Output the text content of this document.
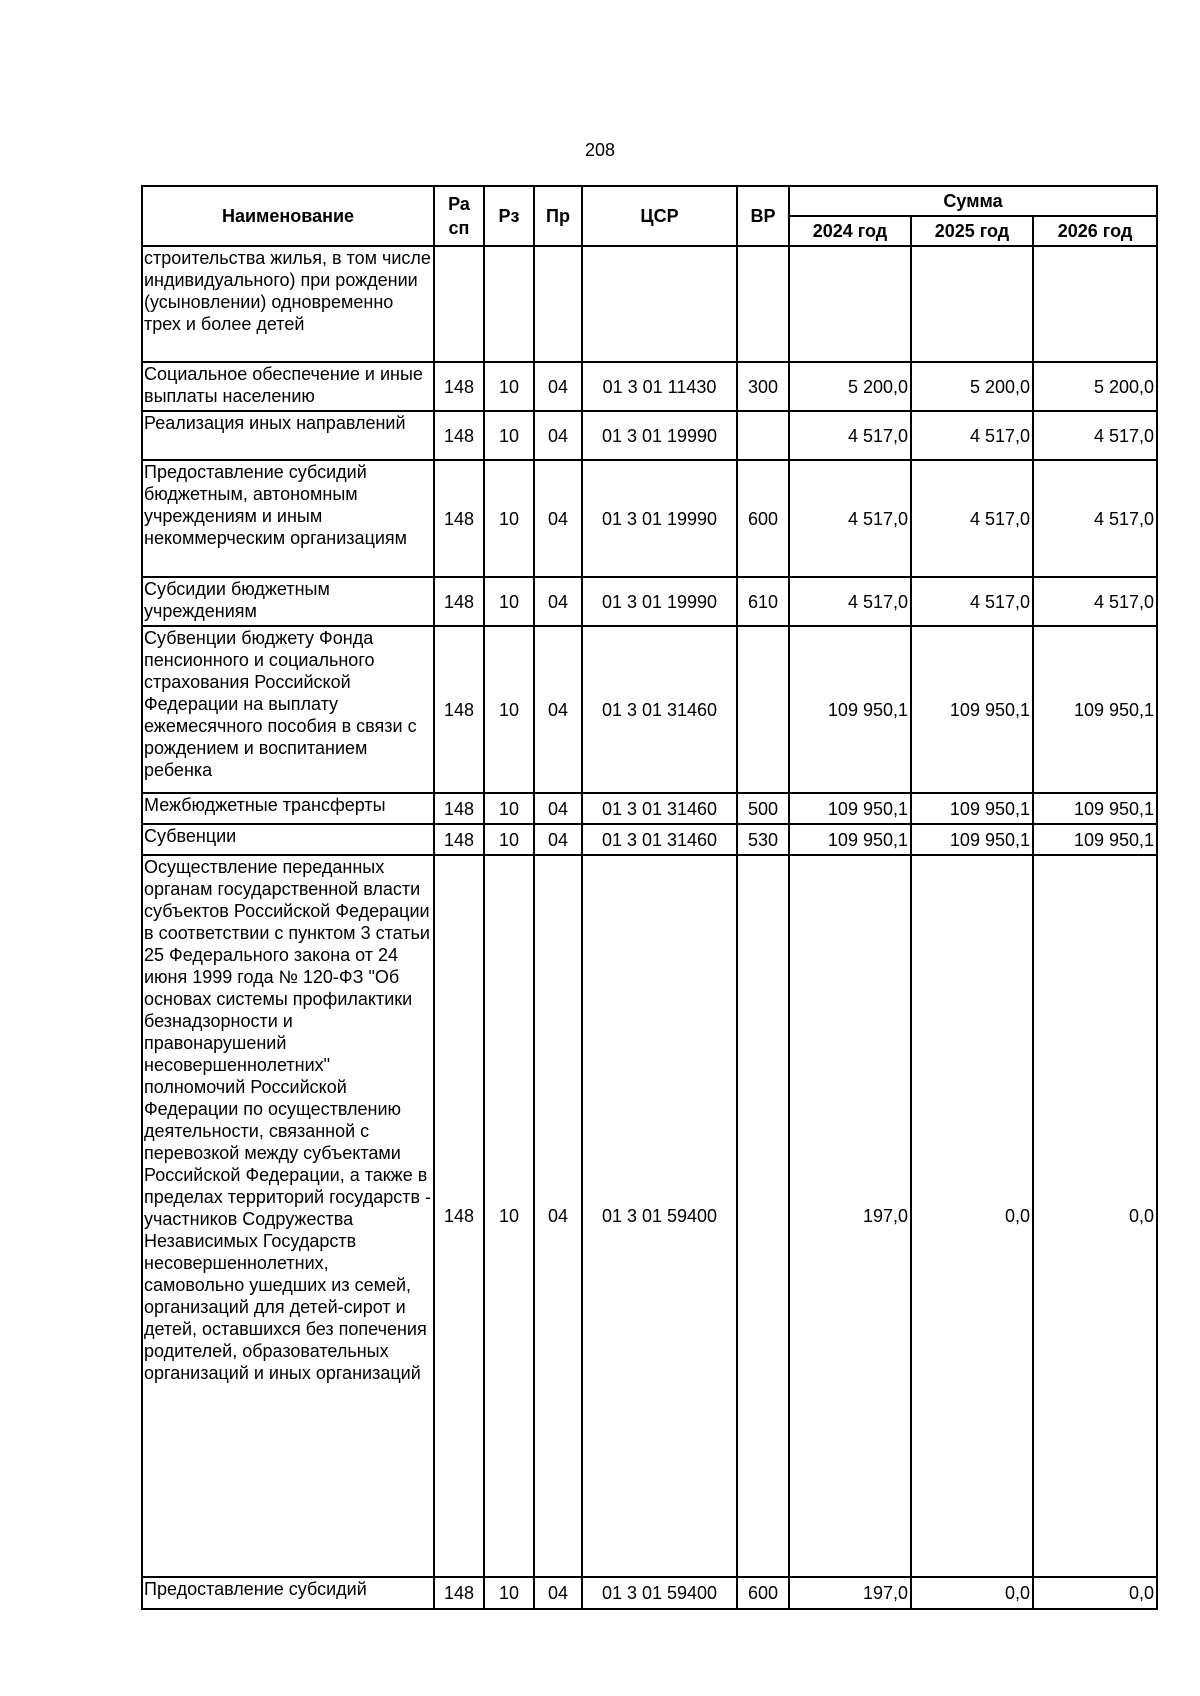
208
Наименование	Ра сп	Рз	Пр	ЦСР	ВР	Сумма		
						2024 год	2025 год	2026 год
строительства жилья, в том числе индивидуального) при рождении (усыновлении) одновременно трех и более детей								
Социальное обеспечение и иные выплаты населению	148	10	04	01 3 01 11430	300	5 200,0	5 200,0	5 200,0
Реализация иных направлений	148	10	04	01 3 01 19990		4 517,0	4 517,0	4 517,0
Предоставление субсидий бюджетным, автономным учреждениям и иным некоммерческим организациям	148	10	04	01 3 01 19990	600	4 517,0	4 517,0	4 517,0
Субсидии бюджетным учреждениям	148	10	04	01 3 01 19990	610	4 517,0	4 517,0	4 517,0
Субвенции бюджету Фонда пенсионного и социального страхования Российской Федерации на выплату ежемесячного пособия в связи с рождением и воспитанием ребенка	148	10	04	01 3 01 31460		109 950,1	109 950,1	109 950,1
Межбюджетные трансферты	148	10	04	01 3 01 31460	500	109 950,1	109 950,1	109 950,1
Субвенции	148	10	04	01 3 01 31460	530	109 950,1	109 950,1	109 950,1
Осуществление переданных органам государственной власти субъектов Российской Федерации в соответствии с пунктом 3 статьи 25 Федерального закона от 24 июня 1999 года № 120-ФЗ "Об основах системы профилактики безнадзорности и правонарушений несовершеннолетних" полномочий Российской Федерации по осуществлению деятельности, связанной с перевозкой между субъектами Российской Федерации, а также в пределах территорий государств - участников Содружества Независимых Государств несовершеннолетних, самовольно ушедших из семей, организаций для детей-сирот и детей, оставшихся без попечения родителей, образовательных организаций и иных организаций	148	10	04	01 3 01 59400		197,0	0,0	0,0
Предоставление субсидий	148	10	04	01 3 01 59400	600	197,0	0,0	0,0
